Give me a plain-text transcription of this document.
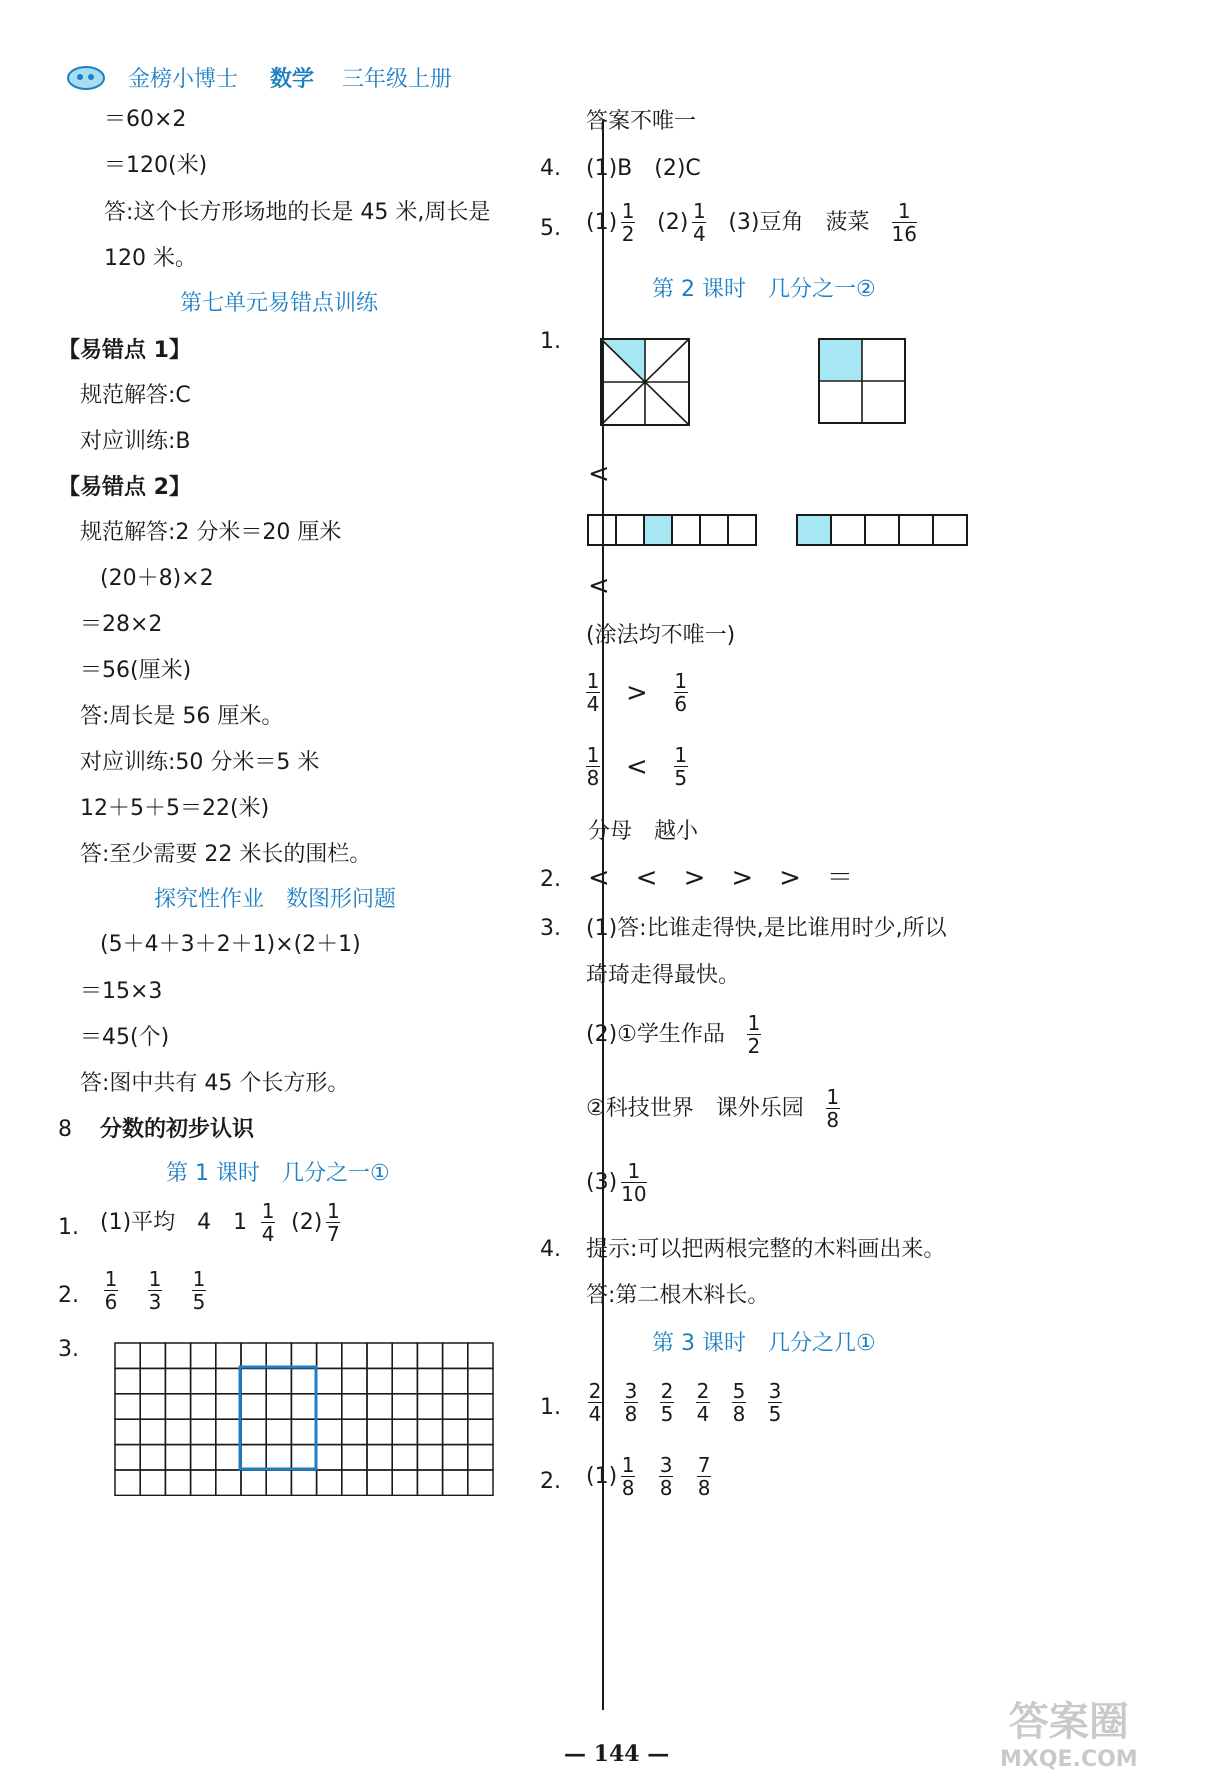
金榜小博士 数学 三年级上册
＝60×2
＝120(米)
答:这个长方形场地的长是 45 米,周长是
120 米。
第七单元易错点训练
【易错点 1】
规范解答:C
对应训练:B
【易错点 2】
规范解答:2 分米＝20 厘米
(20＋8)×2
＝28×2
＝56(厘米)
答:周长是 56 厘米。
对应训练:50 分米＝5 米
12＋5＋5＝22(米)
答:至少需要 22 米长的围栏。
探究性作业　数图形问题
(5＋4＋3＋2＋1)×(2＋1)
＝15×3
＝45(个)
答:图中共有 45 个长方形。
8 分数的初步认识
第 1 课时　几分之一①
1. (1)平均　4　$1 \frac{1}{4} (2) \frac{1}{7}$
2. $\frac{1}{6} \frac{1}{3} \frac{1}{5}$
3.
答案不唯一
4. (1)B　(2)C
5. $(1) \frac{1}{2} (2) \frac{1}{4} (3)$豆角　菠菜 $\frac{1}{16}$
第 2 课时　几分之一②
1.
<
<
(涂法均不唯一)
$\frac{1}{4} > \frac{1}{6}$
$\frac{1}{8} < \frac{1}{5}$
分母　越小
2. <　<　>　>　>　＝
3. (1)答:比谁走得快,是比谁用时少,所以
琦琦走得最快。
(2)①学生作品 $\frac{1}{2}$
②科技世界　课外乐园 $\frac{1}{8}$
$(3) \frac{1}{10}$
4. 提示:可以把两根完整的木料画出来。
答:第二根木料长。
第 3 课时　几分之几①
1. $\frac{2}{4} \frac{3}{8} \frac{2}{5} \frac{2}{4} \frac{5}{8} \frac{3}{5}$
2. $(1) \frac{1}{8} \frac{3}{8} \frac{7}{8}$
— 144 —
答案圈
MXQE.COM
